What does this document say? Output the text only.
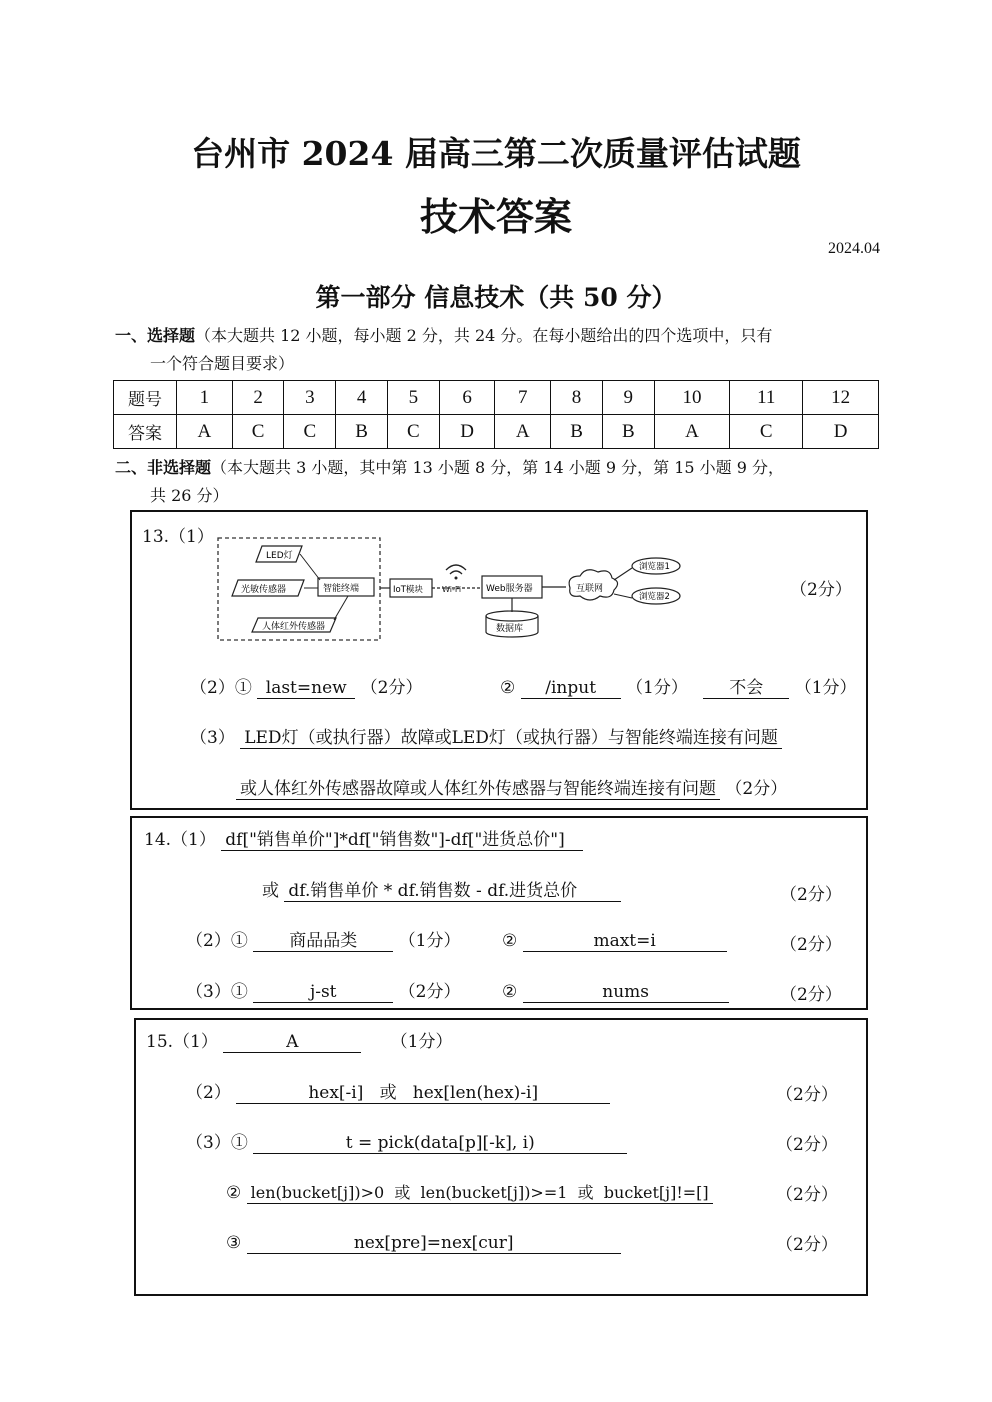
台州市 2024 届高三第二次质量评估试题
技术答案
2024.04
第一部分 信息技术（共 50 分）
一、选择题（本大题共 12 小题，每小题 2 分，共 24 分。在每小题给出的四个选项中，只有
一个符合题目要求）
题号	1	2	3	4	5	6	7	8	9	10	11	12
答案	A	C	C	B	C	D	A	B	B	A	C	D
二、非选择题（本大题共 3 小题，其中第 13 小题 8 分，第 14 小题 9 分，第 15 小题 9 分，
共 26 分）
13.（1）
LED灯
光敏传感器	智能终端
人体红外传感器
IoT模块 Wi-Fi	Web服务器
数据库
互联网
浏览器1
浏览器2	（2分）
（2）① last=new （2分）	② /input （1分） 不会 （1分）
（3） LED灯（或执行器）故障或LED灯（或执行器）与智能终端连接有问题
或人体红外传感器故障或人体红外传感器与智能终端连接有问题 （2分）
14.（1） df["销售单价"]*df["销售数"]-df["进货总价"]
或 df.销售单价 * df.销售数 - df.进货总价	（2分）
（2）① 商品品类 （1分） ②	maxt=i	（2分）
（3）①	j-st	（2分） ②	nums	（2分）
15.（1）	A	（1分）
（2）	hex[-i]   或   hex[len(hex)-i]	（2分）
（3）①	t = pick(data[p][-k], i)	（2分）
② len(bucket[j])>0  或  len(bucket[j])>=1  或  bucket[j]!=[]	（2分）
③	nex[pre]=nex[cur]	（2分）
